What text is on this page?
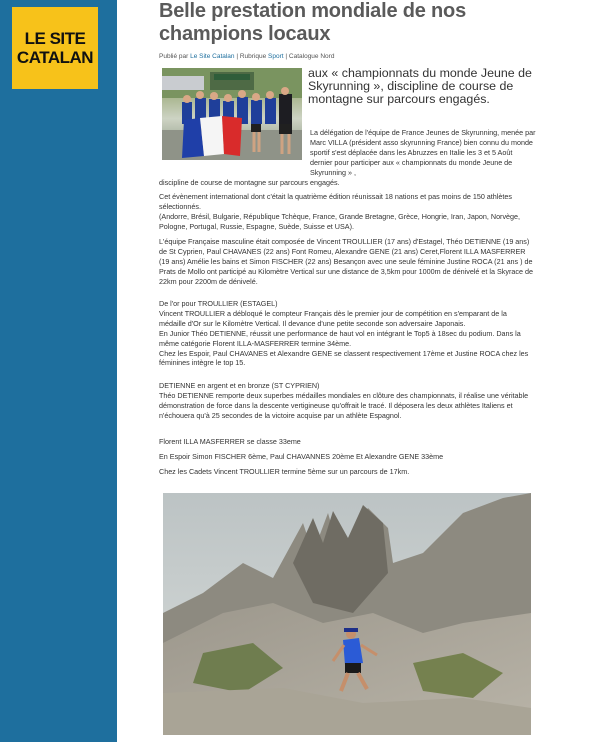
LE SITE
CATALAN
Belle prestation mondiale de nos champions locaux
Publié par Le Site Catalan | Rubrique Sport | Catalogue Nord
aux « championnats du monde Jeune de Skyrunning », discipline de course de montagne sur parcours engagés.

La délégation de l'équipe de France Jeunes de Skyrunning, menée par Marc VILLA (président asso skyrunning France) bien connu du monde sportif s'est déplacée dans les Abruzzes en Italie les 3 et 5 Août dernier pour participer aux « championnats du monde Jeune de Skyrunning » ,

discipline de course de montagne sur parcours engagés.

Cet évènement international dont c'était la quatrième édition réunissait 18 nations et pas moins de 150 athlètes sélectionnés.
(Andorre, Brésil, Bulgarie, République Tchèque, France, Grande Bretagne, Grèce, Hongrie, Iran, Japon, Norvège, Pologne, Portugal, Russie, Espagne, Suède, Suisse et USA).

L'équipe Française masculine était composée de Vincent TROULLIER (17 ans) d'Estagel, Théo DETIENNE (19 ans) de St Cyprien, Paul CHAVANES (22 ans) Font Romeu, Alexandre GENE (21 ans) Ceret,Florent ILLA MASFERRER (19 ans) Amélie les bains et Simon FISCHER (22 ans) Besançon avec une seule féminine Justine ROCA (21 ans ) de Prats de Mollo ont participé au Kilomètre Vertical sur une distance de 3,5km pour 1000m de dénivelé et la Skyrace de 22km pour 2200m de dénivelé.

De l'or pour TROULLIER (ESTAGEL)
Vincent TROULLIER a débloqué le compteur Français dès le premier jour de compétition en s'emparant de la médaille d'Or sur le Kilomètre Vertical. Il devance d'une petite seconde son adversaire Japonais.
En Junior Théo DETIENNE, réussit une performance de haut vol en intégrant le Top5 à 18sec du podium. Dans la même catégorie Florent ILLA-MASFERRER termine 34ème.
Chez les Espoir, Paul CHAVANES et Alexandre GENE se classent respectivement 17ème et Justine ROCA chez les féminines intègre le top 15.

DETIENNE en argent et en bronze (ST CYPRIEN)
Théo DETIENNE remporte deux superbes médailles mondiales en clôture des championnats, il réalise une véritable démonstration de force dans la descente vertigineuse qu'offrait le tracé. Il déposera les deux athlètes Italiens et n'échouera qu'à 25 secondes de la victoire acquise par un athlète Espagnol.

Florent ILLA MASFERRER se classe 33eme

En Espoir Simon FISCHER 6ème, Paul CHAVANNES 20ème Et Alexandre GENE 33ème

Chez les Cadets Vincent TROULLIER termine 5ème sur un parcours de 17km.
